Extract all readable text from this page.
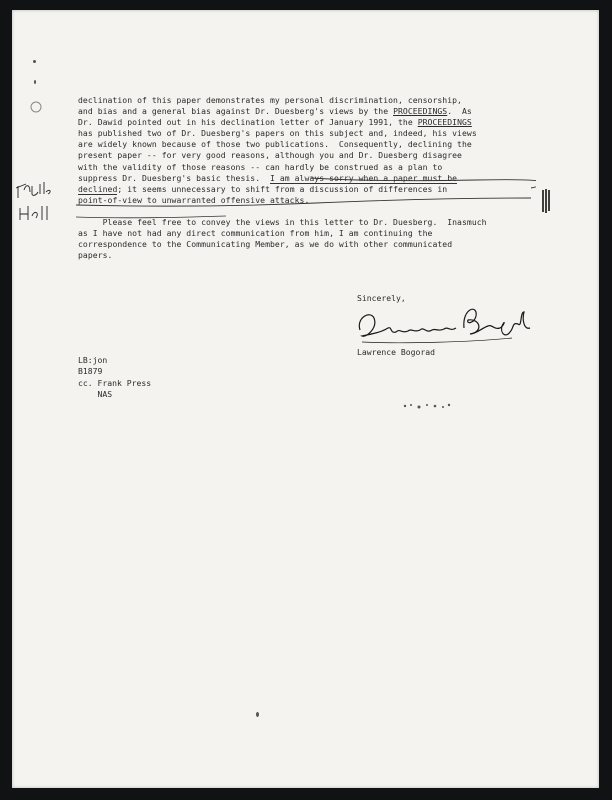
declination of this paper demonstrates my personal discrimination, censorship,
and bias and a general bias against Dr. Duesberg's views by the PROCEEDINGS.  As
Dr. Dawid pointed out in his declination letter of January 1991, the PROCEEDINGS
has published two of Dr. Duesberg's papers on this subject and, indeed, his views
are widely known because of those two publications.  Consequently, declining the
present paper -- for very good reasons, although you and Dr. Duesberg disagree
with the validity of those reasons -- can hardly be construed as a plan to
suppress Dr. Duesberg's basic thesis.  I am always sorry when a paper must be
declined; it seems unnecessary to shift from a discussion of differences in
point-of-view to unwarranted offensive attacks.
Please feel free to convey the views in this letter to Dr. Duesberg.  Inasmuch
as I have not had any direct communication from him, I am continuing the
correspondence to the Communicating Member, as we do with other communicated
papers.
Sincerely,
Lawrence Bogorad
LB:jon
B1879
cc. Frank Press
NAS
